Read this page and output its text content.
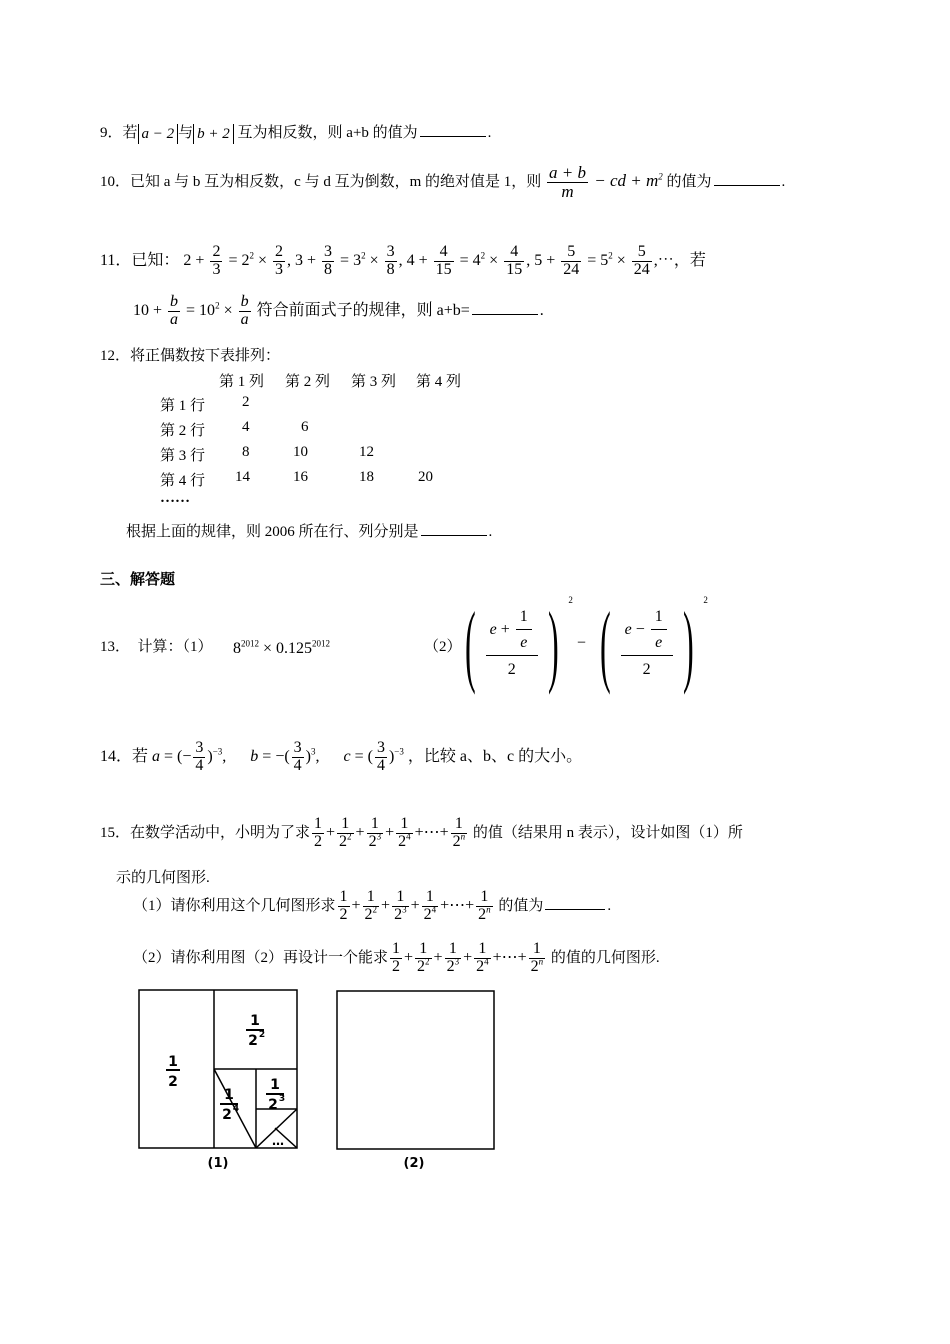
9．若 a − 2 与 b + 2 互为相反数，则 a+b 的值为	.
10．已知 a 与 b 互为相反数，c 与 d 互为倒数，m 的绝对值是 1，则 $\frac{a + b}{m}$ − cd + $m^2$ 的值为	.
11．已知： $2 + \frac{2}{3} = 2^2 \times \frac{2}{3}$ , $3 + \frac{3}{8} = 3^2 \times \frac{3}{8}$ , $4 + \frac{4}{15} = 4^2 \times \frac{4}{15}$ , $5 + \frac{5}{24} = 5^2 \times \frac{5}{24}$ ,⋯，若
$10 + \frac{b}{a} = 10^2 \times \frac{b}{a}$ 符合前面式子的规律，则 a+b=	.
12．将正偶数按下表排列：
第 1 列 第 2 列 第 3 列 第 4 列
第 1 行 2
第 2 行 4	6
第 3 行 8	10	12
第 4 行 14	16	18	20
……
根据上面的规律，则 2006 所在行、列分别是	.
三、解答题
13． 计算：（1） $8^{2012} \times 0.125^{2012}$	（2） ( $\frac{e + \frac{1}{e}}{2}$ ) $^2$ − ( $\frac{e - \frac{1}{e}}{2}$ ) $^2$
14．若 a = (− $\frac{3}{4} )^{-3}$,      b = −( $\frac{3}{4} )^3$,      c = ( $\frac{3}{4} )^{-3}$ ，比较 a、b、c 的大小。
15．在数学活动中，小明为了求 $\frac{1}{2} + \frac{1}{2^2} + \frac{1}{2^3} + \frac{1}{2^4}$ +⋯+ $\frac{1}{2^n}$ 的值（结果用 n 表示），设计如图（1）所
示的几何图形.
（1）请你利用这个几何图形求 $\frac{1}{2} + \frac{1}{2^2} + \frac{1}{2^3} + \frac{1}{2^4}$ +⋯+ $\frac{1}{2^n}$ 的值为	.
（2）请你利用图（2）再设计一个能求 $\frac{1}{2} + \frac{1}{2^2} + \frac{1}{2^3} + \frac{1}{2^4}$ +⋯+ $\frac{1}{2^n}$ 的值的几何图形.
1
2
1
2 2
1
2 3
1
2 4
…
(1)	(2)
